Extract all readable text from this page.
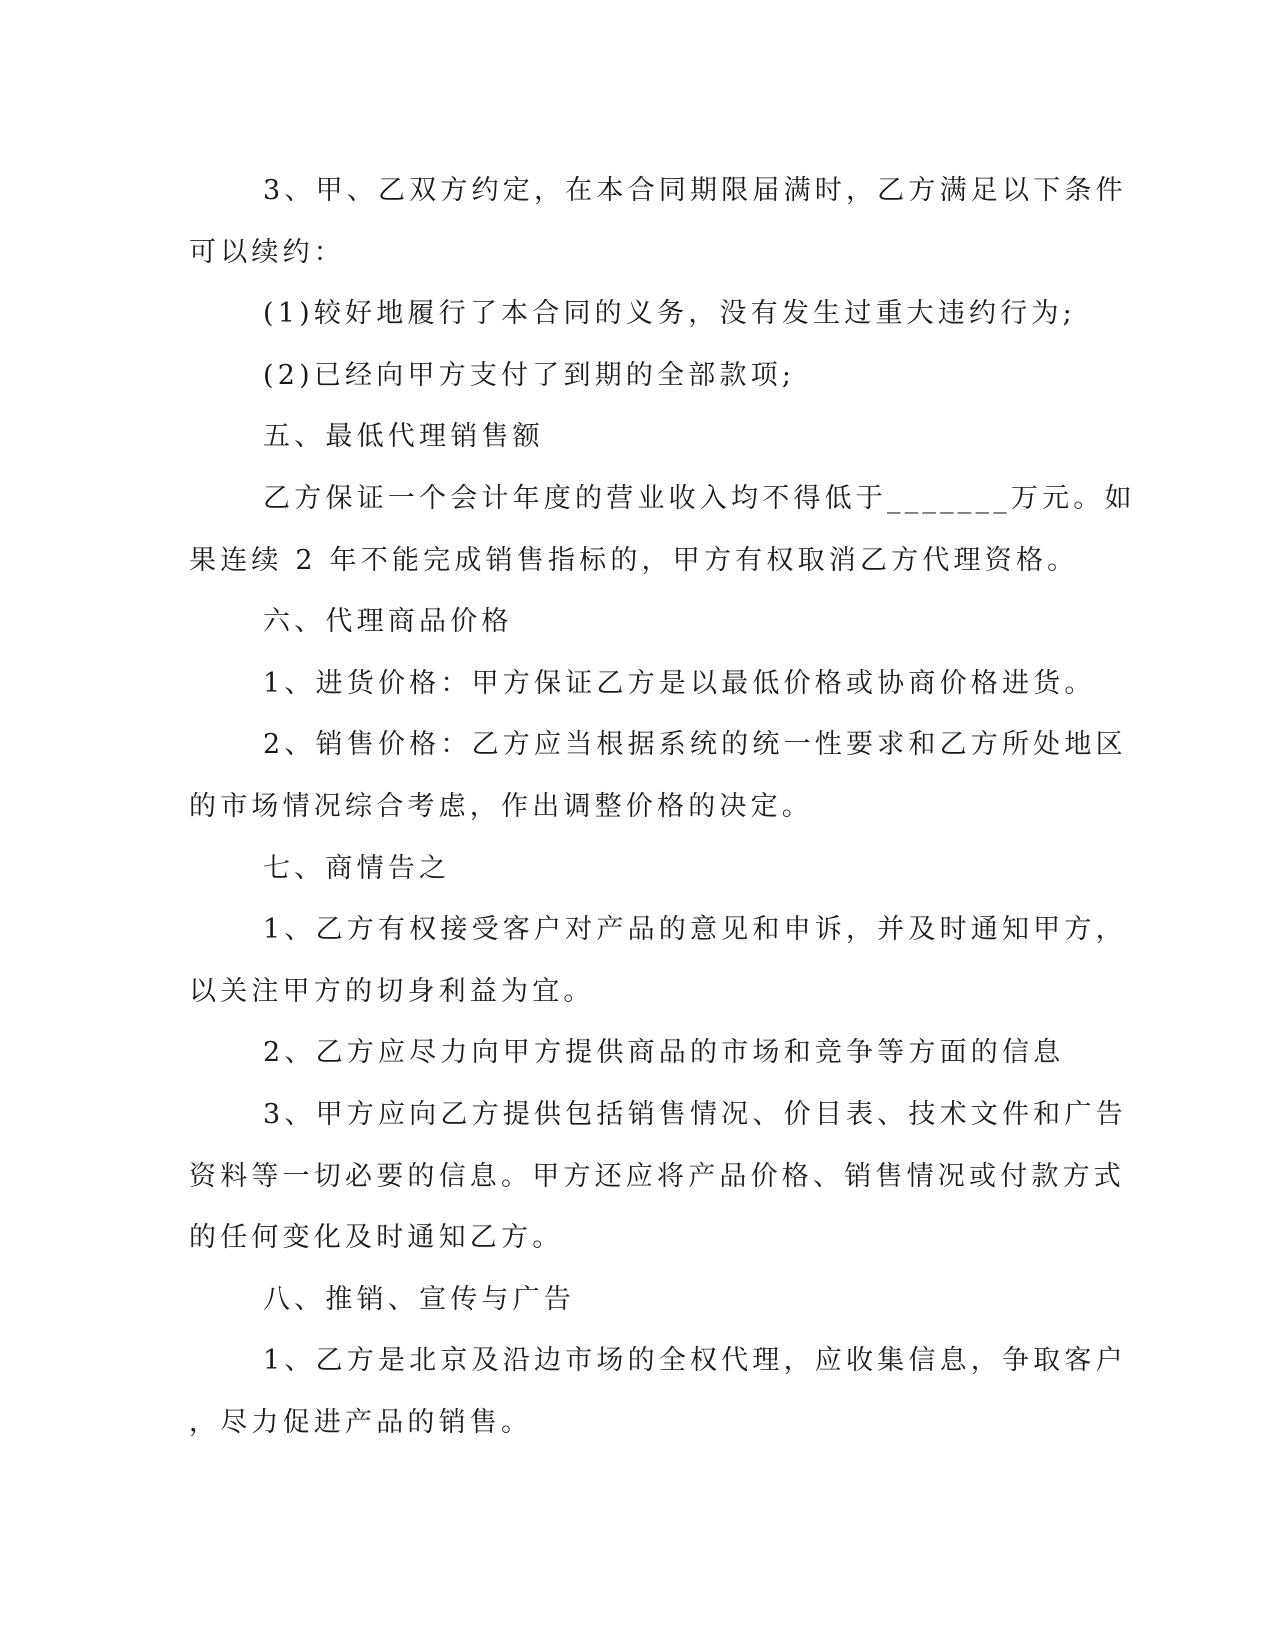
3、甲、乙双方约定，在本合同期限届满时，乙方满足以下条件
可以续约：
(1)较好地履行了本合同的义务，没有发生过重大违约行为;
(2)已经向甲方支付了到期的全部款项;
五、最低代理销售额
乙方保证一个会计年度的营业收入均不得低于_______万元。如
果连续 2 年不能完成销售指标的，甲方有权取消乙方代理资格。
六、代理商品价格
1、进货价格：甲方保证乙方是以最低价格或协商价格进货。
2、销售价格：乙方应当根据系统的统一性要求和乙方所处地区
的市场情况综合考虑，作出调整价格的决定。
七、商情告之
1、乙方有权接受客户对产品的意见和申诉，并及时通知甲方，
以关注甲方的切身利益为宜。
2、乙方应尽力向甲方提供商品的市场和竞争等方面的信息
3、甲方应向乙方提供包括销售情况、价目表、技术文件和广告
资料等一切必要的信息。甲方还应将产品价格、销售情况或付款方式
的任何变化及时通知乙方。
八、推销、宣传与广告
1、乙方是北京及沿边市场的全权代理，应收集信息，争取客户
，尽力促进产品的销售。
